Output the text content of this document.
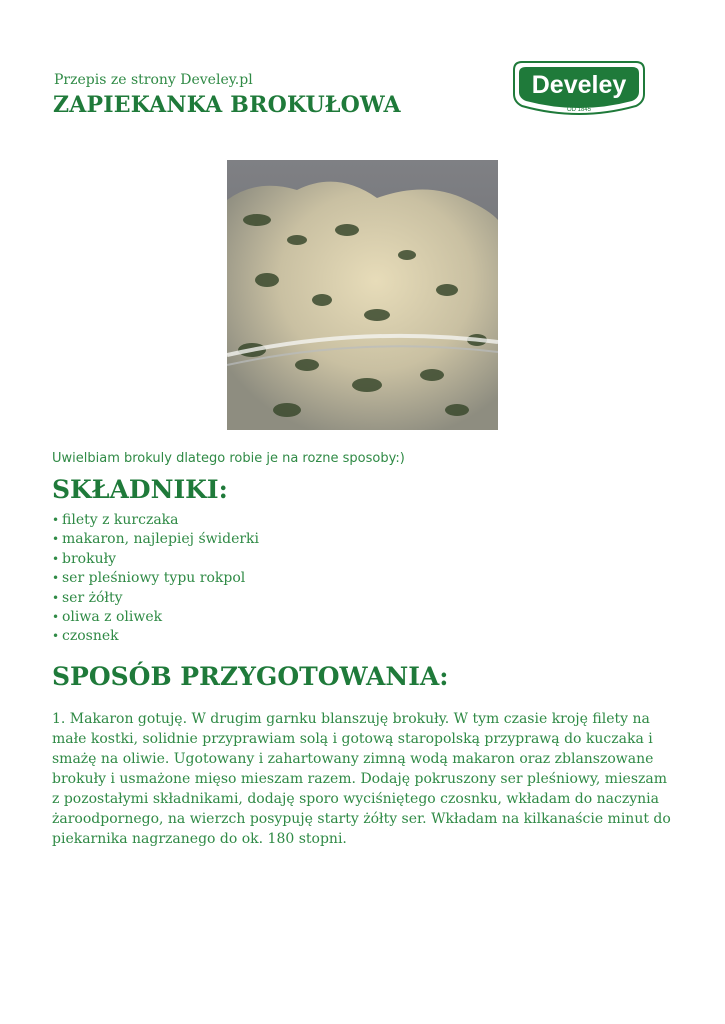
Przepis ze strony Develey.pl
ZAPIEKANKA BROKUŁOWA
Develey
OD 1845
Uwielbiam brokuly dlatego robie je na rozne sposoby:)
SKŁADNIKI:
• filety z kurczaka
• makaron, najlepiej świderki
• brokuły
• ser pleśniowy typu rokpol
• ser żółty
• oliwa z oliwek
• czosnek
SPOSÓB PRZYGOTOWANIA:

1. Makaron gotuję. W drugim garnku blanszuję brokuły. W tym czasie kroję filety na małe kostki, solidnie przyprawiam solą i gotową staropolską przyprawą do kuczaka i smażę na oliwie. Ugotowany i zahartowany zimną wodą makaron oraz zblanszowane brokuły i usmażone mięso mieszam razem. Dodaję pokruszony ser pleśniowy, mieszam z pozostałymi składnikami, dodaję sporo wyciśniętego czosnku, wkładam do naczynia żaroodpornego, na wierzch posypuję starty żółty ser. Wkładam na kilkanaście minut do piekarnika nagrzanego do ok. 180 stopni.
